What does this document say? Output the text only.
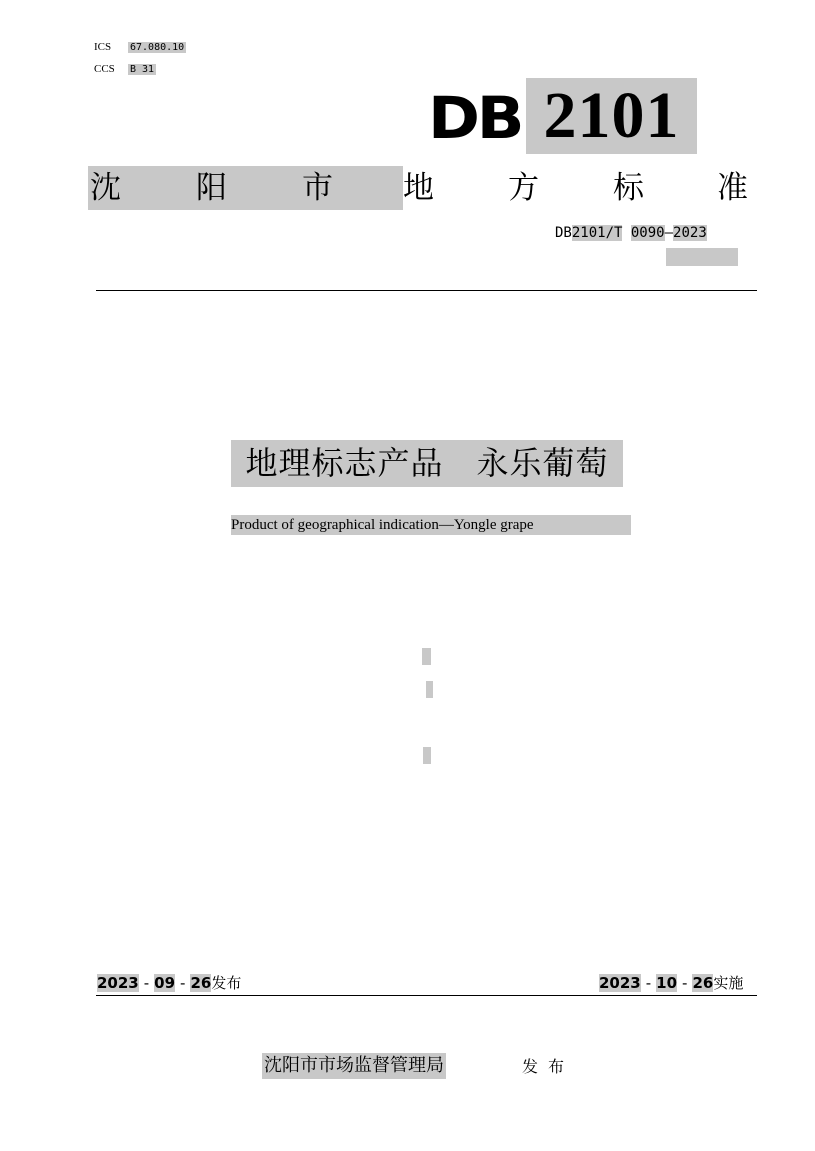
ICS 67.080.10
CCS B 31
DB 2101
沈 阳 市 地 方 标 准
DB2101/T 0090—2023
地理标志产品　永乐葡萄
Product of geographical indication—Yongle grape
2023 - 09 - 26发布	2023 - 10 - 26实施
沈阳市市场监督管理局	发布
